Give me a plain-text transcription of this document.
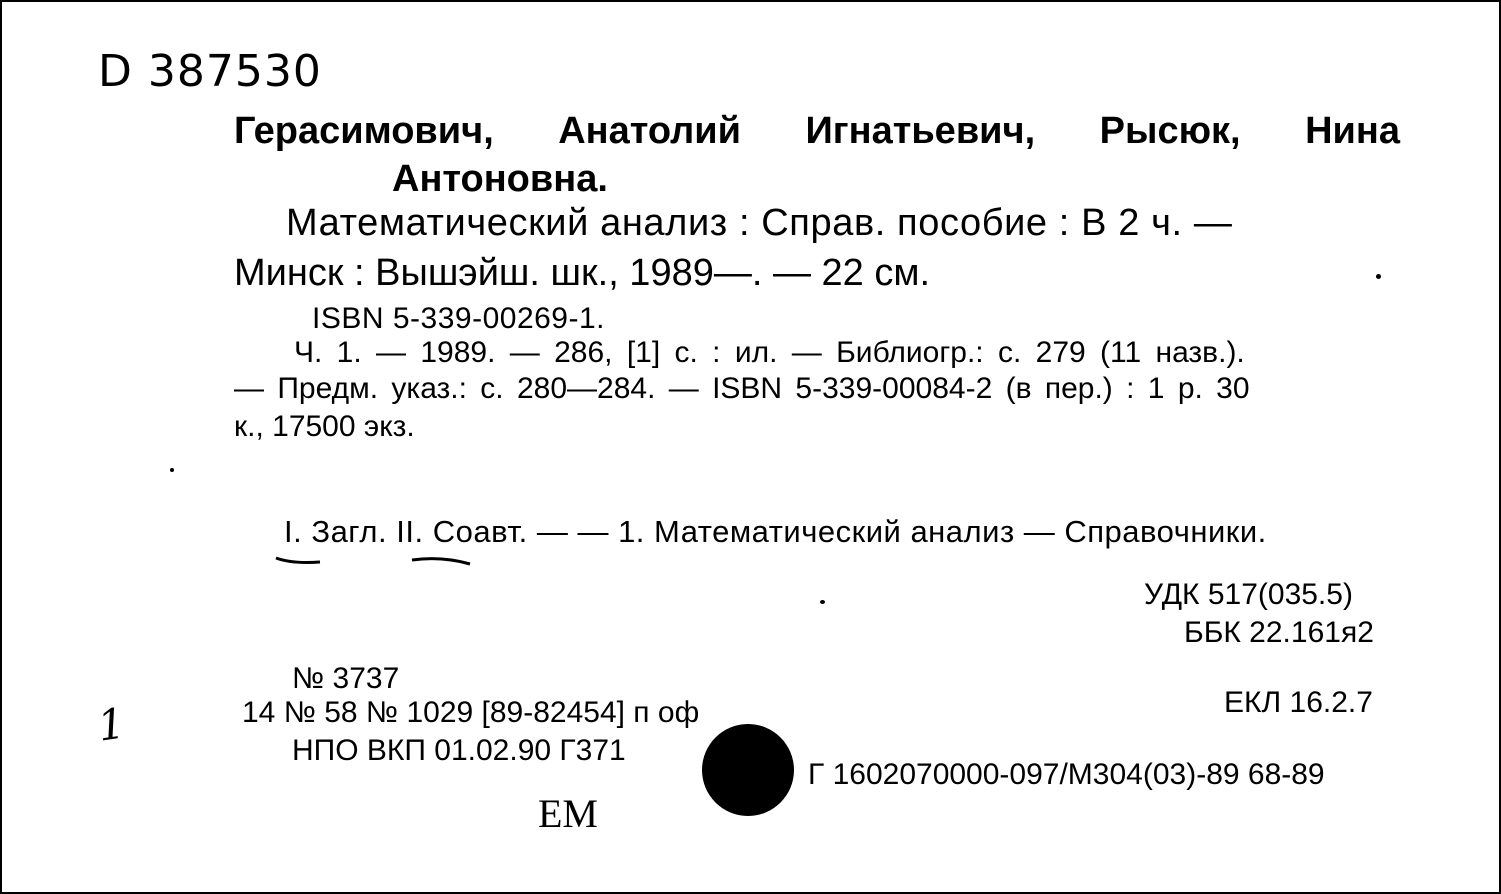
D 387530
Герасимович, Анатолий Игнатьевич, Рысюк, Нина
Антоновна.
Математический анализ : Справ. пособие : В 2 ч. —
Минск : Вышэйш. шк., 1989—. — 22 см.
ISBN 5-339-00269-1.
Ч. 1. — 1989. — 286, [1] с. : ил. — Библиогр.: с. 279 (11 назв.).
— Предм. указ.: с. 280—284. — ISBN 5-339-00084-2 (в пер.) : 1 р. 30
к., 17500 экз.
I. Загл. II. Соавт. — — 1. Математический анализ — Справочники.
УДК 517(035.5)
ББК 22.161я2
ЕКЛ 16.2.7
№ 3737
1	14 № 58 № 1029 [89-82454] п оф
НПО ВКП 01.02.90 Г371
Г 1602070000-097/М304(03)-89 68-89
ЕМ
